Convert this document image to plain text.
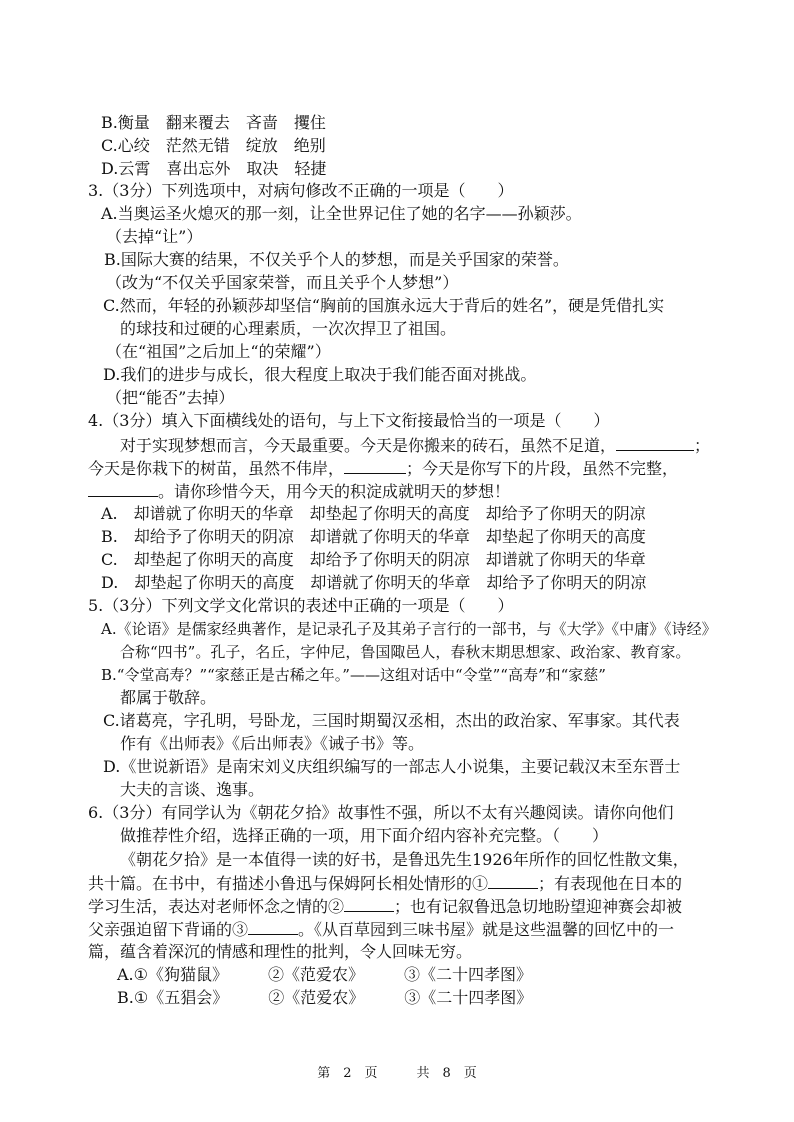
B.衡量　翻来覆去　吝啬　攫住
C.心绞　茫然无错　绽放　绝别
D.云霄　喜出忘外　取决　轻捷
3.（3分）下列选项中，对病句修改不正确的一项是（　　）
A.当奥运圣火熄灭的那一刻，让全世界记住了她的名字——孙颖莎。
（去掉“让”）
B.国际大赛的结果，不仅关乎个人的梦想，而是关乎国家的荣誉。
（改为“不仅关乎国家荣誉，而且关乎个人梦想”）
C.然而，年轻的孙颖莎却坚信“胸前的国旗永远大于背后的姓名”，硬是凭借扎实
的球技和过硬的心理素质，一次次捍卫了祖国。
（在“祖国”之后加上“的荣耀”）
D.我们的进步与成长，很大程度上取决于我们能否面对挑战。
（把“能否”去掉）
4.（3分）填入下面横线处的语句，与上下文衔接最恰当的一项是（　　）
对于实现梦想而言，今天最重要。今天是你搬来的砖石，虽然不足道，	；
今天是你栽下的树苗，虽然不伟岸，	；今天是你写下的片段，虽然不完整，
。请你珍惜今天，用今天的积淀成就明天的梦想！
A.　却谱就了你明天的华章　却垫起了你明天的高度　却给予了你明天的阴凉
B.　却给予了你明天的阴凉　却谱就了你明天的华章　却垫起了你明天的高度
C.　却垫起了你明天的高度　却给予了你明天的阴凉　却谱就了你明天的华章
D.　却垫起了你明天的高度　却谱就了你明天的华章　却给予了你明天的阴凉
5.（3分）下列文学文化常识的表述中正确的一项是（　　）
A.《论语》是儒家经典著作，是记录孔子及其弟子言行的一部书，与《大学》《中庸》《诗经》
合称“四书”。孔子，名丘，字仲尼，鲁国陬邑人，春秋末期思想家、政治家、教育家。
B.“令堂高寿？”“家慈正是古稀之年。”——这组对话中“令堂”“高寿”和“家慈”
都属于敬辞。
C.诸葛亮，字孔明，号卧龙，三国时期蜀汉丞相，杰出的政治家、军事家。其代表
作有《出师表》《后出师表》《诫子书》等。
D.《世说新语》是南宋刘义庆组织编写的一部志人小说集，主要记载汉末至东晋士
大夫的言谈、逸事。
6.（3分）有同学认为《朝花夕拾》故事性不强，所以不太有兴趣阅读。请你向他们
做推荐性介绍，选择正确的一项，用下面介绍内容补充完整。（　　）
《朝花夕拾》是一本值得一读的好书，是鲁迅先生1926年所作的回忆性散文集，
共十篇。在书中，有描述小鲁迅与保姆阿长相处情形的①	；有表现他在日本的
学习生活，表达对老师怀念之情的②	；也有记叙鲁迅急切地盼望迎神赛会却被
父亲强迫留下背诵的③	。《从百草园到三味书屋》就是这些温馨的回忆中的一
篇，蕴含着深沉的情感和理性的批判，令人回味无穷。
A.①《狗猫鼠》　　　②《范爱农》　　　③《二十四孝图》
B.①《五猖会》　　　②《范爱农》　　　③《二十四孝图》
第　2　页　　　共　8　页
